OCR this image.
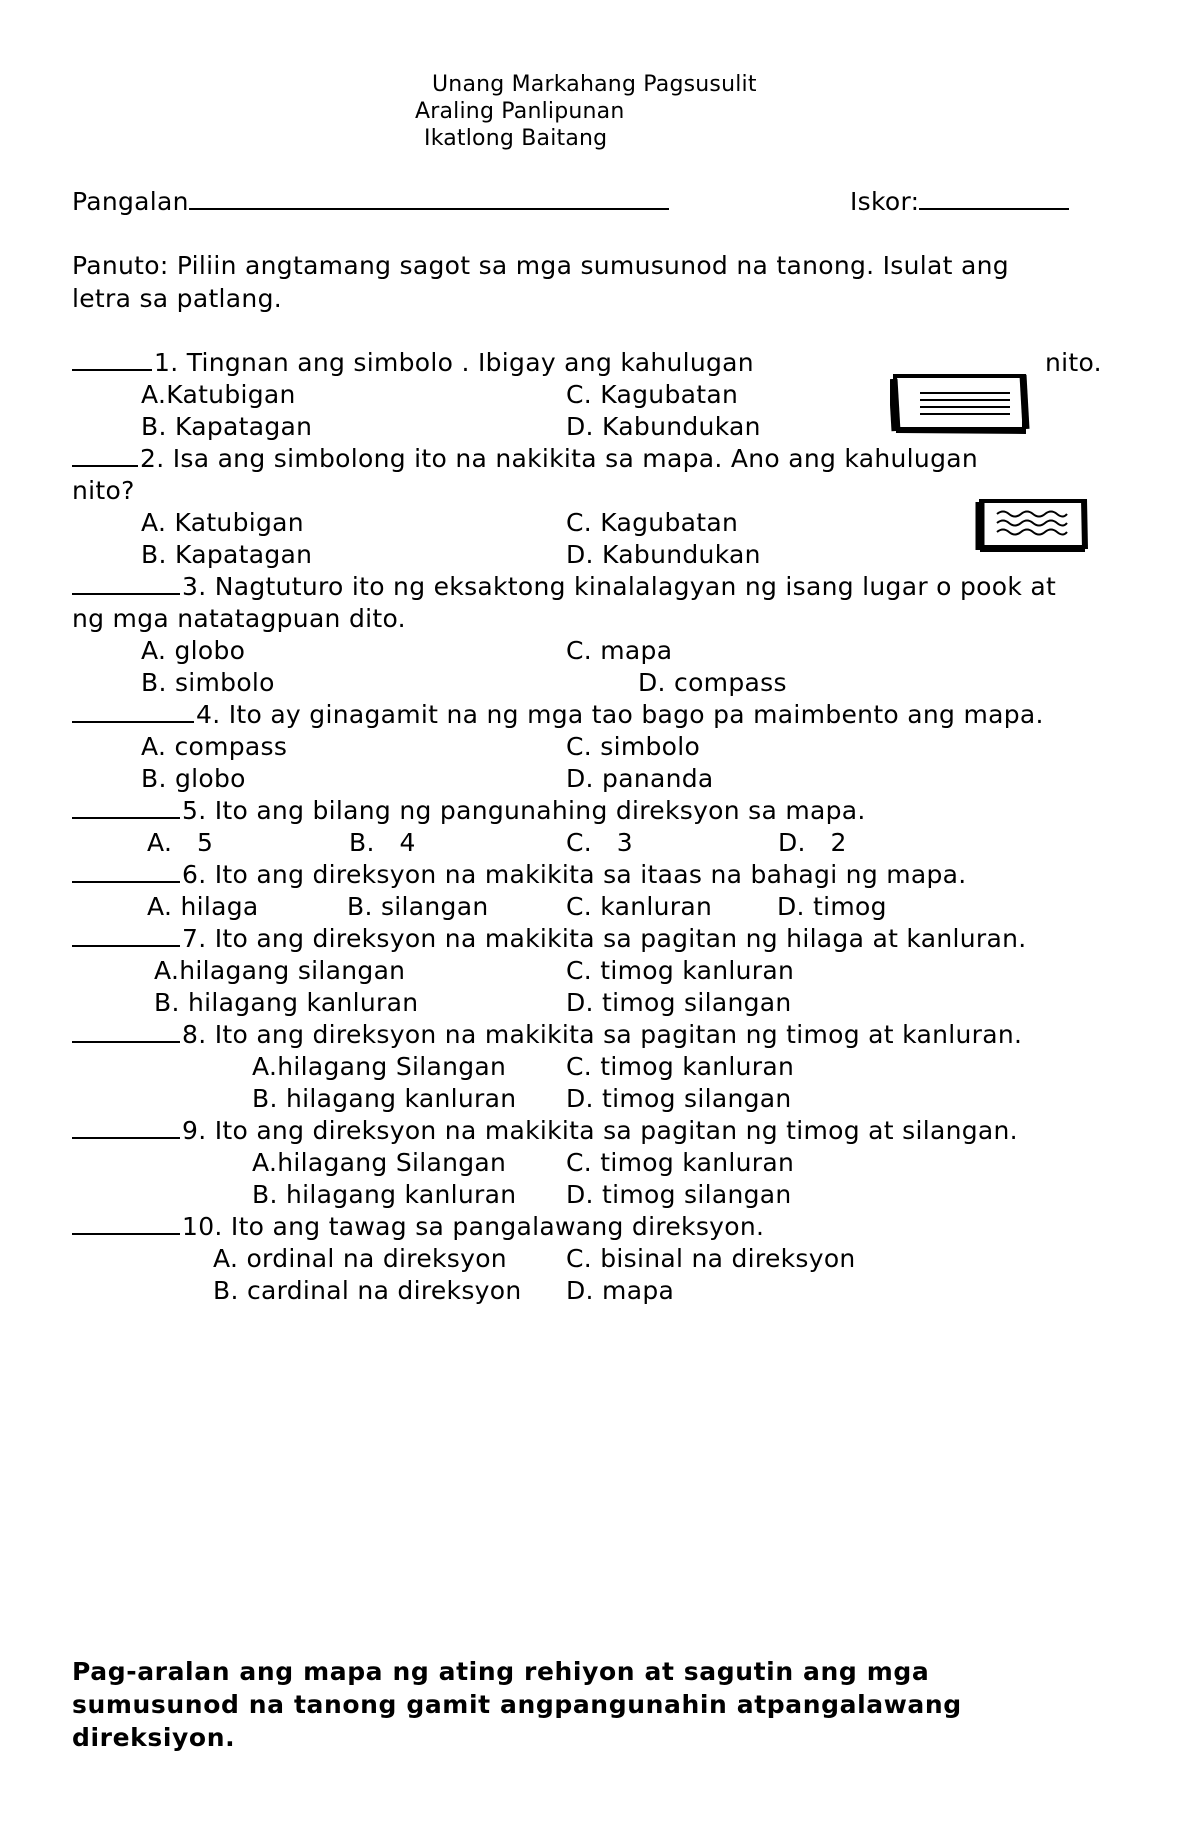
Unang Markahang Pagsusulit
Araling Panlipunan
Ikatlong Baitang
Pangalan	Iskor:
Panuto: Piliin angtamang sagot sa mga sumusunod na tanong. Isulat ang
letra sa patlang.
1. Tingnan ang simbolo . Ibigay ang kahulugan	nito.
A.Katubigan	C. Kagubatan
B. Kapatagan	D. Kabundukan
2. Isa ang simbolong ito na nakikita sa mapa. Ano ang kahulugan
nito?
A. Katubigan	C. Kagubatan
B. Kapatagan	D. Kabundukan
3. Nagtuturo ito ng eksaktong kinalalagyan ng isang lugar o pook at
ng mga natatagpuan dito.
A. globo	C. mapa
B. simbolo	D. compass
4. Ito ay ginagamit na ng mga tao bago pa maimbento ang mapa.
A. compass	C. simbolo
B. globo	D. pananda
5. Ito ang bilang ng pangunahing direksyon sa mapa.
A.   5	B.   4	C.   3	D.   2
6. Ito ang direksyon na makikita sa itaas na bahagi ng mapa.
A. hilaga	B. silangan	C. kanluran	D. timog
7. Ito ang direksyon na makikita sa pagitan ng hilaga at kanluran.
A.hilagang silangan	C. timog kanluran
B. hilagang kanluran	D. timog silangan
8. Ito ang direksyon na makikita sa pagitan ng timog at kanluran.
A.hilagang Silangan C. timog kanluran
B. hilagang kanluran D. timog silangan
9. Ito ang direksyon na makikita sa pagitan ng timog at silangan.
A.hilagang Silangan C. timog kanluran
B. hilagang kanluran D. timog silangan
10. Ito ang tawag sa pangalawang direksyon.
A. ordinal na direksyon C. bisinal na direksyon
B. cardinal na direksyon D. mapa
Pag-aralan ang mapa ng ating rehiyon at sagutin ang mga
sumusunod na tanong gamit angpangunahin atpangalawang
direksiyon.
